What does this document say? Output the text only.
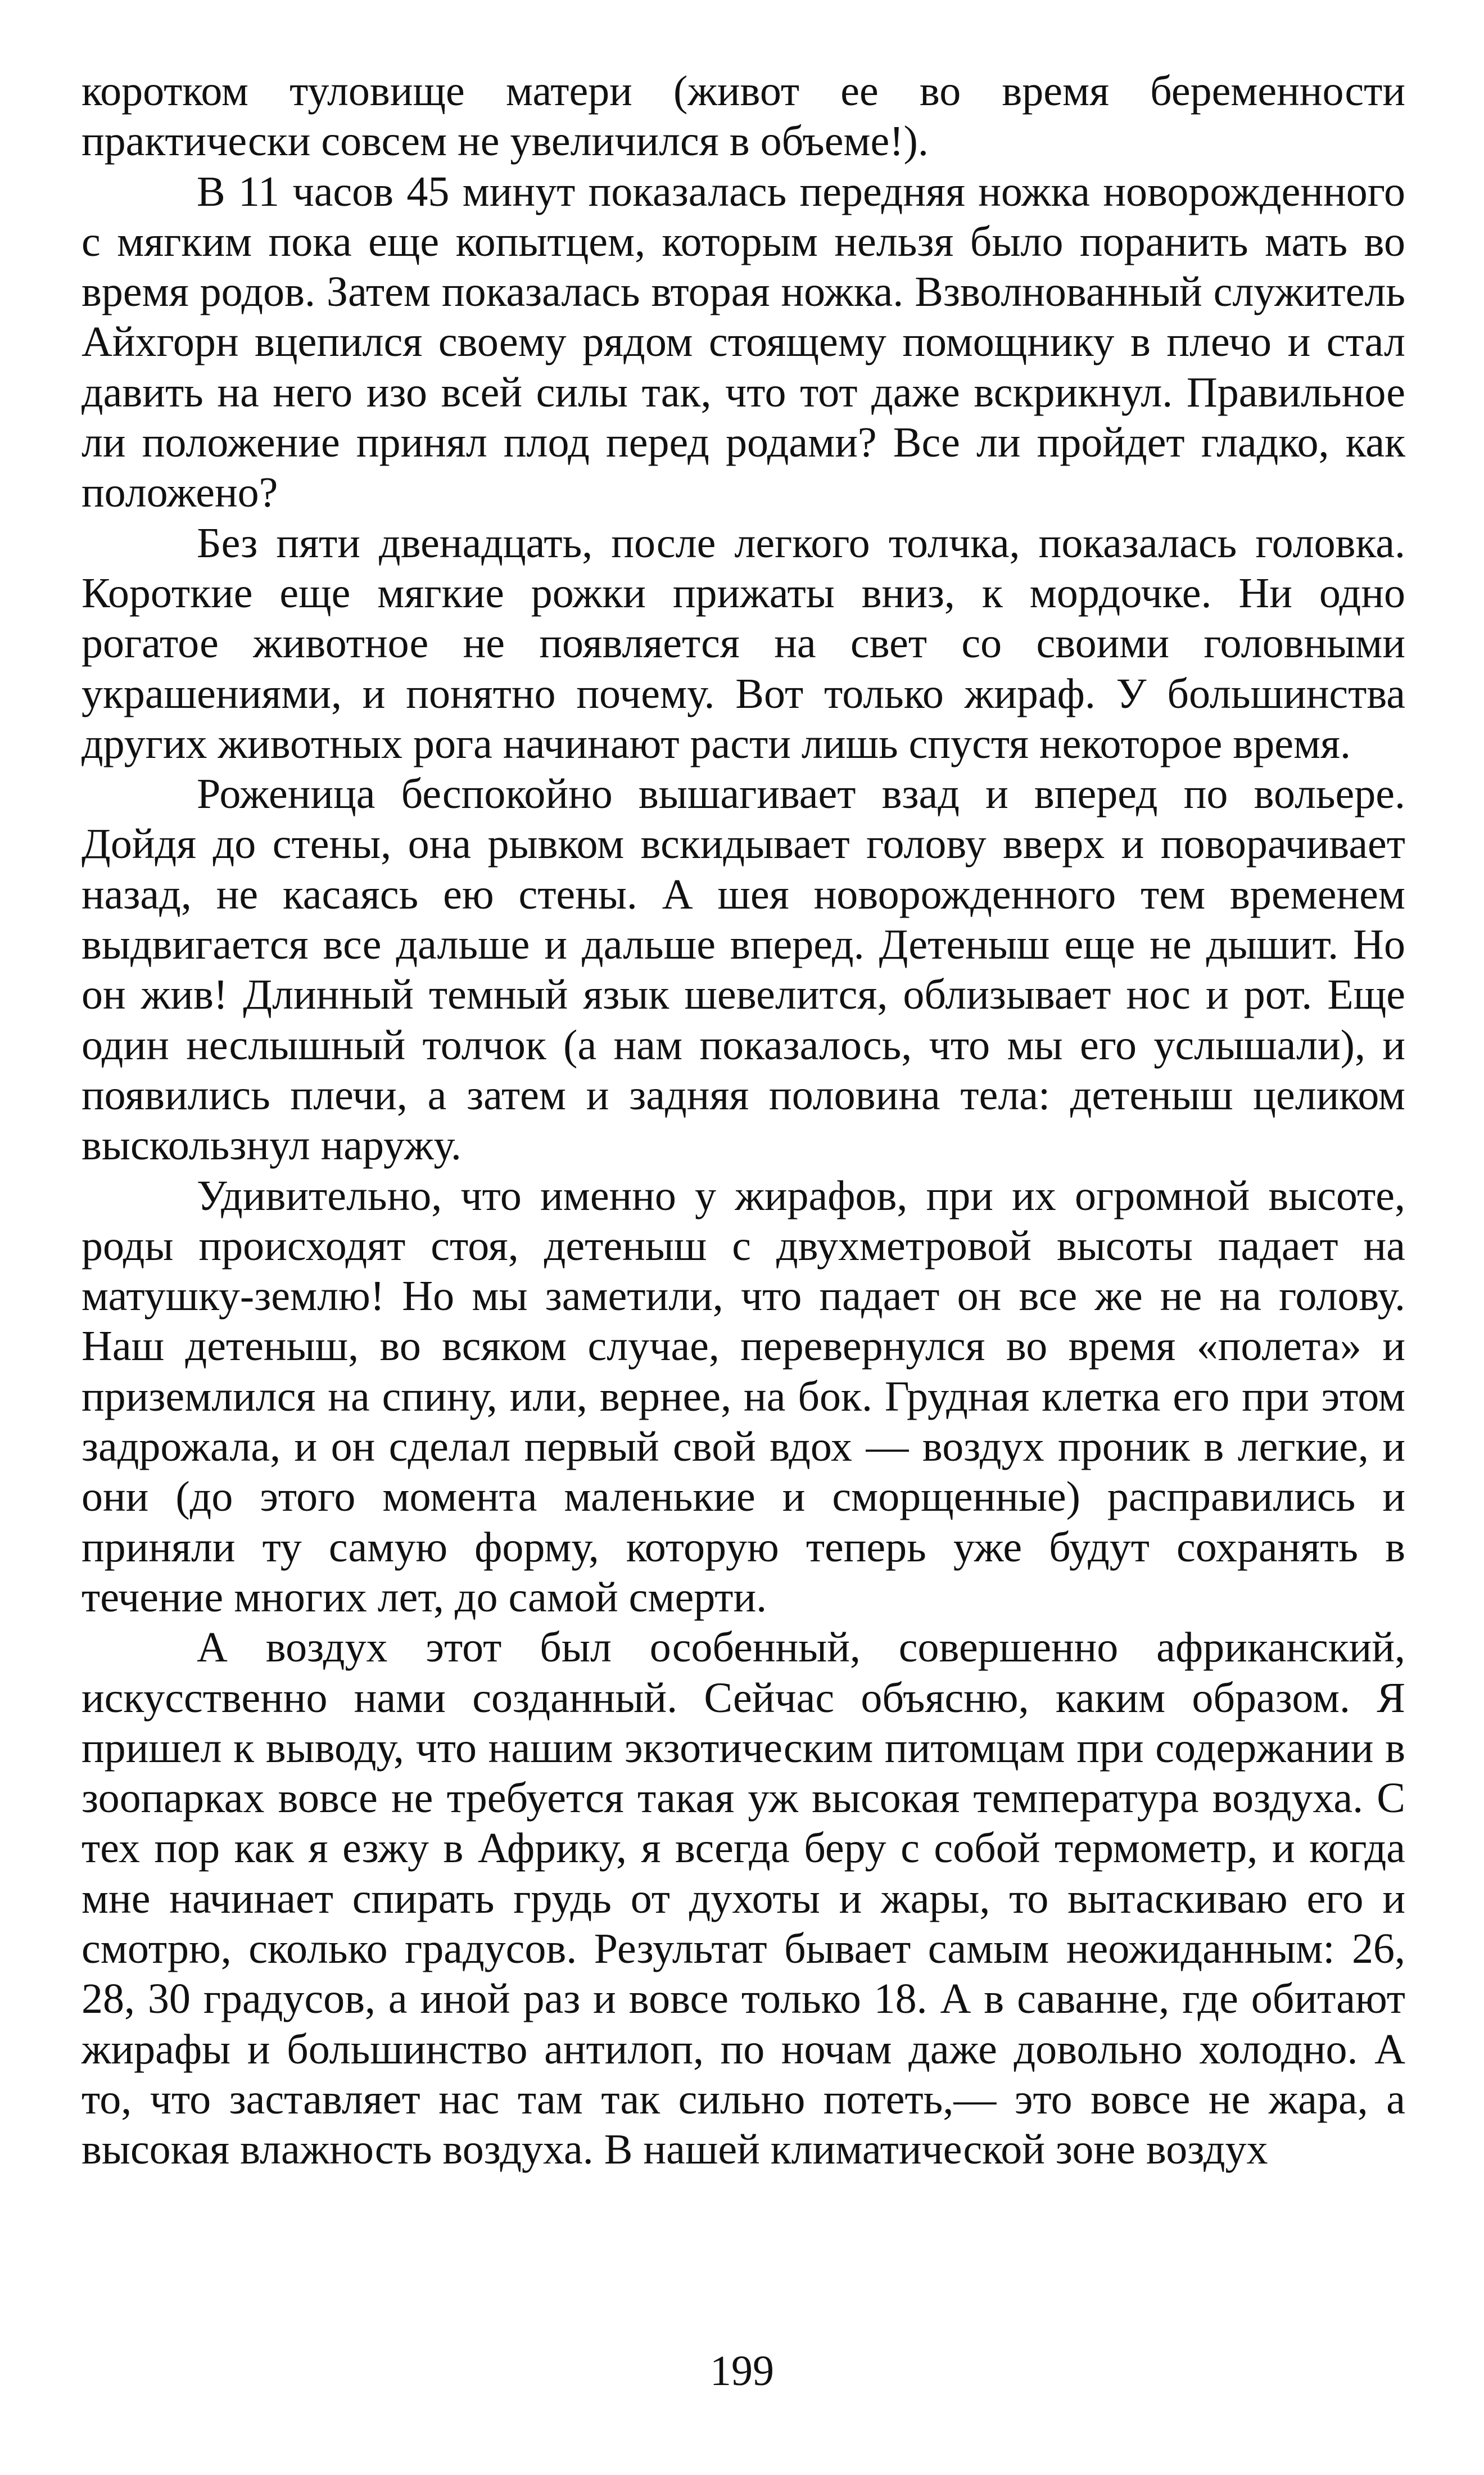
коротком туловище матери (живот ее во время беременности практически совсем не увеличился в объеме!).

В 11 часов 45 минут показалась передняя ножка новорожденного с мягким пока еще копытцем, которым нельзя было поранить мать во время родов. Затем показалась вторая ножка. Взволнованный служитель Айхгорн вцепился своему рядом стоящему помощнику в плечо и стал давить на него изо всей силы так, что тот даже вскрикнул. Правильное ли положение принял плод перед родами? Все ли пройдет гладко, как положено?

Без пяти двенадцать, после легкого толчка, показалась головка. Короткие еще мягкие рожки прижаты вниз, к мордочке. Ни одно рогатое животное не появляется на свет со своими головными украшениями, и понятно почему. Вот только жираф. У большинства других животных рога начинают расти лишь спустя некоторое время.

Роженица беспокойно вышагивает взад и вперед по вольере. Дойдя до стены, она рывком вскидывает голову вверх и поворачивает назад, не касаясь ею стены. А шея новорожденного тем временем выдвигается все дальше и дальше вперед. Детеныш еще не дышит. Но он жив! Длинный темный язык шевелится, облизывает нос и рот. Еще один неслышный толчок (а нам показалось, что мы его услышали), и появились плечи, а затем и задняя половина тела: детеныш целиком выскользнул наружу.

Удивительно, что именно у жирафов, при их огромной высоте, роды происходят стоя, детеныш с двухметровой высоты падает на матушку-землю! Но мы заметили, что падает он все же не на голову. Наш детеныш, во всяком случае, перевернулся во время «полета» и приземлился на спину, или, вернее, на бок. Грудная клетка его при этом задрожала, и он сделал первый свой вдох — воздух проник в легкие, и они (до этого момента маленькие и сморщенные) расправились и приняли ту самую форму, которую теперь уже будут сохранять в течение многих лет, до самой смерти.

А воздух этот был особенный, совершенно африканский, искусственно нами созданный. Сейчас объясню, каким образом. Я пришел к выводу, что нашим экзотическим питомцам при содержании в зоопарках вовсе не требуется такая уж высокая температура воздуха. С тех пор как я езжу в Африку, я всегда беру с собой термометр, и когда мне начинает спирать грудь от духоты и жары, то вытаскиваю его и смотрю, сколько градусов. Результат бывает самым неожиданным: 26, 28, 30 градусов, а иной раз и вовсе только 18. А в саванне, где обитают жирафы и большинство антилоп, по ночам даже довольно холодно. А то, что заставляет нас там так сильно потеть,— это вовсе не жара, а высокая влажность воздуха. В нашей климатической зоне воздух

199
